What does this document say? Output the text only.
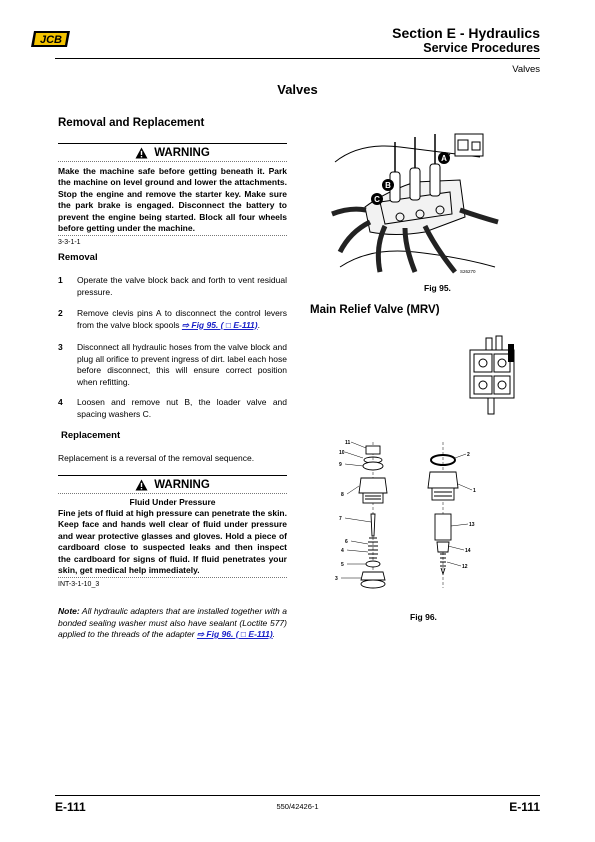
JCB	Section E - Hydraulics
Service Procedures
Valves
Valves
Removal and Replacement
WARNING
Make the machine safe before getting beneath it. Park the machine on level ground and lower the attachments. Stop the engine and remove the starter key. Make sure the park brake is engaged. Disconnect the battery to prevent the engine being started. Block all four wheels before getting under the machine.
3-3-1-1
Removal
1	Operate the valve block back and forth to vent residual pressure.
2	Remove clevis pins A to disconnect the control levers from the valve block spools ⇨ Fig 95. ( □ E-111).
3	Disconnect all hydraulic hoses from the valve block and plug all orifice to prevent ingress of dirt. label each hose before disconnect, this will ensure correct position when refitting.
4	Loosen and remove nut B, the loader valve and spacing washers C.
Replacement
Replacement is a reversal of the removal sequence.
WARNING
Fluid Under Pressure
Fine jets of fluid at high pressure can penetrate the skin. Keep face and hands well clear of fluid under pressure and wear protective glasses and gloves. Hold a piece of cardboard close to suspected leaks and then inspect the cardboard for signs of fluid. If fluid penetrates your skin, get medical help immediately.
INT-3-1-10_3
Note: All hydraulic adapters that are installed together with a bonded sealing washer must also have sealant (Loctite 577) applied to the threads of the adapter ⇨ Fig 96. ( □ E-111).
A
B
C
S26270
Fig 95.
Main Relief Valve (MRV)
11
10
9
8
7
6
4
5
3
2
1
13
14
12
Fig 96.
E-111	550/42426-1	E-111
